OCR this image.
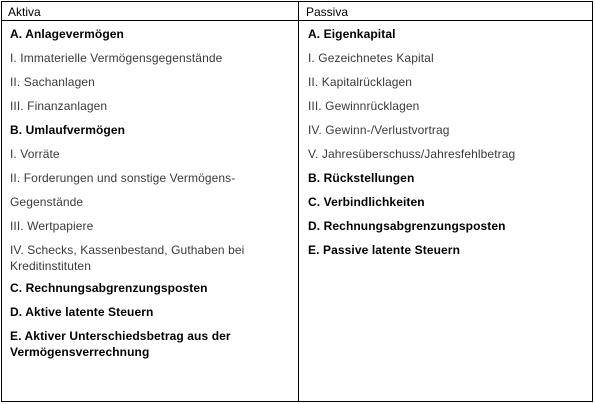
Aktiva	Passiva
A. Anlagevermögen
I. Immaterielle Vermögensgegenstände
II. Sachanlagen
III. Finanzanlagen
B. Umlaufvermögen
I. Vorräte
II. Forderungen und sonstige Vermögens-
Gegenstände
III. Wertpapiere
IV. Schecks, Kassenbestand, Guthaben bei Kreditinstituten
C. Rechnungsabgrenzungsposten
D. Aktive latente Steuern
E. Aktiver Unterschiedsbetrag aus der Vermögensverrechnung
A. Eigenkapital
I. Gezeichnetes Kapital
II. Kapitalrücklagen
III. Gewinnrücklagen
IV. Gewinn-/Verlustvortrag
V. Jahresüberschuss/Jahresfehlbetrag
B. Rückstellungen
C. Verbindlichkeiten
D. Rechnungsabgrenzungsposten
E. Passive latente Steuern
